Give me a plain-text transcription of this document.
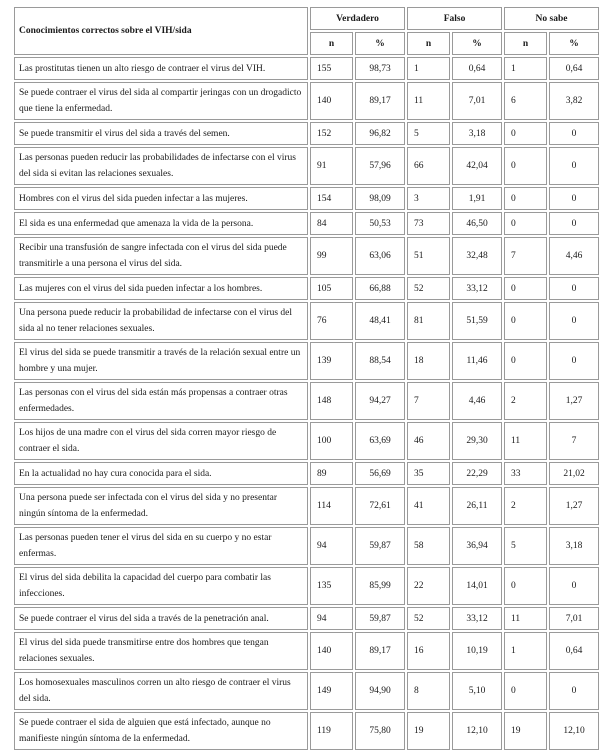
Conocimientos correctos sobre el VIH/sida	Verdadero		Falso		No sabe	
	n	%	n	%	n	%
Las prostitutas tienen un alto riesgo de contraer el virus del VIH.	155	98,73	1	0,64	1	0,64
Se puede contraer el virus del sida al compartir jeringas con un drogadicto que tiene la enfermedad.	140	89,17	11	7,01	6	3,82
Se puede transmitir el virus del sida a través del semen.	152	96,82	5	3,18	0	0
Las personas pueden reducir las probabilidades de infectarse con el virus del sida si evitan las relaciones sexuales.	91	57,96	66	42,04	0	0
Hombres con el virus del sida pueden infectar a las mujeres.	154	98,09	3	1,91	0	0
El sida es una enfermedad que amenaza la vida de la persona.	84	50,53	73	46,50	0	0
Recibir una transfusión de sangre infectada con el virus del sida puede transmitirle a una persona el virus del sida.	99	63,06	51	32,48	7	4,46
Las mujeres con el virus del sida pueden infectar a los hombres.	105	66,88	52	33,12	0	0
Una persona puede reducir la probabilidad de infectarse con el virus del sida al no tener relaciones sexuales.	76	48,41	81	51,59	0	0
El virus del sida se puede transmitir a través de la relación sexual entre un hombre y una mujer.	139	88,54	18	11,46	0	0
Las personas con el virus del sida están más propensas a contraer otras enfermedades.	148	94,27	7	4,46	2	1,27
Los hijos de una madre con el virus del sida corren mayor riesgo de contraer el sida.	100	63,69	46	29,30	11	7
En la actualidad no hay cura conocida para el sida.	89	56,69	35	22,29	33	21,02
Una persona puede ser infectada con el virus del sida y no presentar ningún síntoma de la enfermedad.	114	72,61	41	26,11	2	1,27
Las personas pueden tener el virus del sida en su cuerpo y no estar enfermas.	94	59,87	58	36,94	5	3,18
El virus del sida debilita la capacidad del cuerpo para combatir las infecciones.	135	85,99	22	14,01	0	0
Se puede contraer el virus del sida a través de la penetración anal.	94	59,87	52	33,12	11	7,01
El virus del sida puede transmitirse entre dos hombres que tengan relaciones sexuales.	140	89,17	16	10,19	1	0,64
Los homosexuales masculinos corren un alto riesgo de contraer el virus del sida.	149	94,90	8	5,10	0	0
Se puede contraer el sida de alguien que está infectado, aunque no manifieste ningún síntoma de la enfermedad.	119	75,80	19	12,10	19	12,10
